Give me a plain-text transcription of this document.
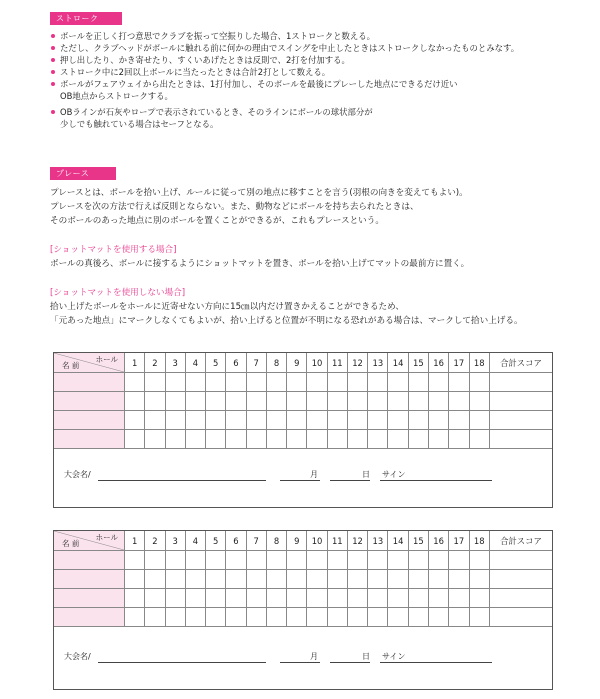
ストローク
ボールを正しく打つ意思でクラブを振って空振りした場合、1ストロークと数える。
ただし、クラブヘッドがボールに触れる前に何かの理由でスイングを中止したときはストロークしなかったものとみなす。
押し出したり、かき寄せたり、すくいあげたときは反則で、2打を付加する。
ストローク中に2回以上ボールに当たったときは合計2打として数える。
ボールがフェアウェイから出たときは、1打付加し、そのボールを最後にプレーした地点にできるだけ近い
OB地点からストロークする。
OBラインが石灰やロープで表示されているとき、そのラインにボールの球状部分が
少しでも触れている場合はセーフとなる。
プレース

プレースとは、ボールを拾い上げ、ルールに従って別の地点に移すことを言う(羽根の向きを変えてもよい)。
プレースを次の方法で行えば反則とならない。また、動物などにボールを持ち去られたときは、
そのボールのあった地点に別のボールを置くことができるが、これもプレースという。

[ショットマットを使用する場合]

ボールの真後ろ、ボールに接するようにショットマットを置き、ボールを拾い上げてマットの最前方に置く。

[ショットマットを使用しない場合]

拾い上げたボールをホールに近寄せない方向に15㎝以内だけ置きかえることができるため、
「元あった地点」にマークしなくてもよいが、拾い上げると位置が不明になる恐れがある場合は、マークして拾い上げる。

ホール
名 前	1	2	3	4	5	6	7	8	9	10	11	12	13	14	15	16	17	18	合計スコア

大会名/	月	日 サイン
ホール
名 前	1	2	3	4	5	6	7	8	9	10	11	12	13	14	15	16	17	18	合計スコア

大会名/	月	日 サイン
